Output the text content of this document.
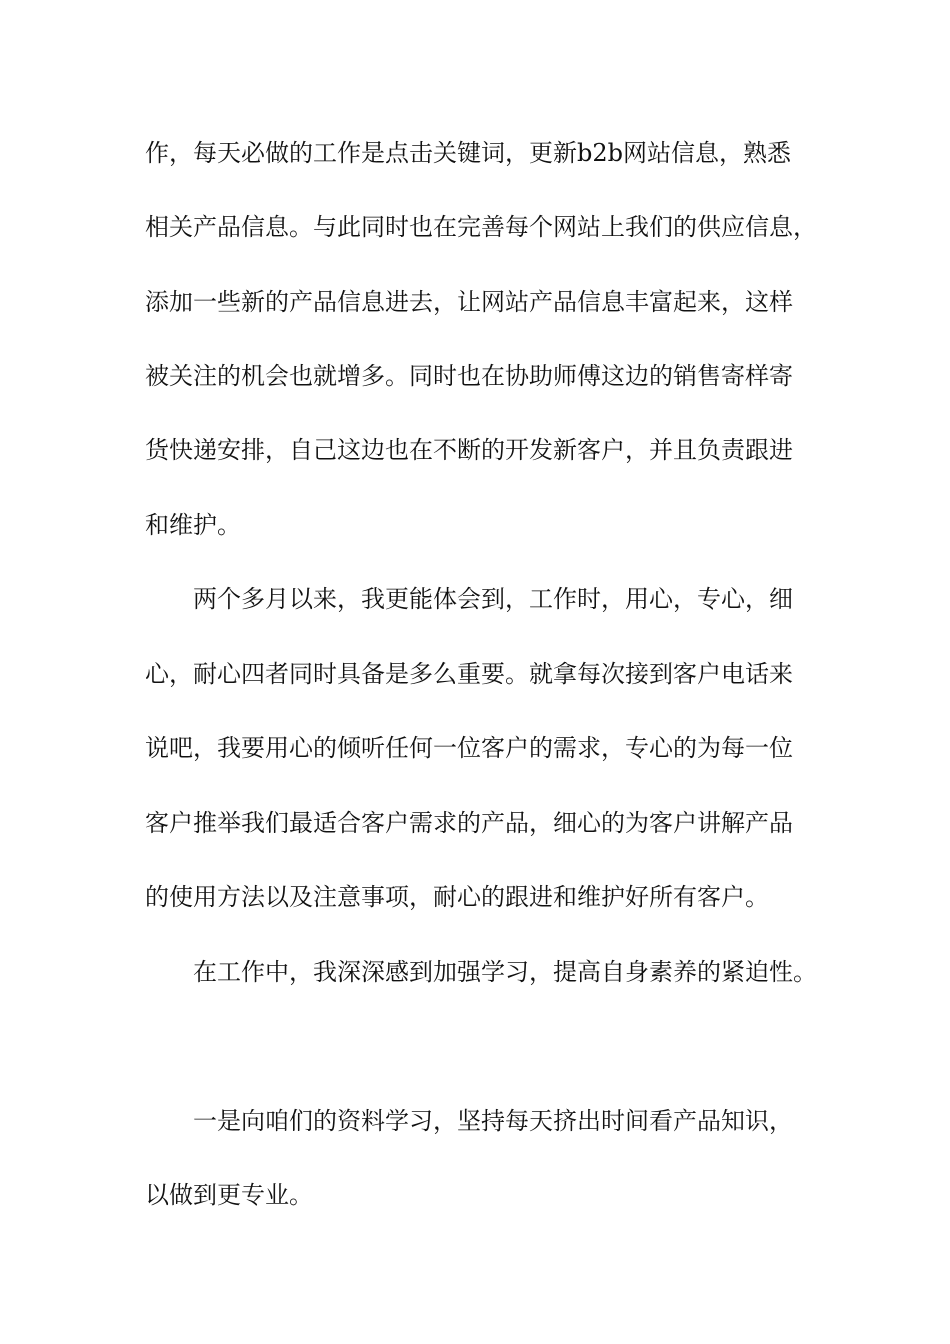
作，每天必做的工作是点击关键词，更新b2b网站信息，熟悉

相关产品信息。与此同时也在完善每个网站上我们的供应信息，

添加一些新的产品信息进去，让网站产品信息丰富起来，这样

被关注的机会也就增多。同时也在协助师傅这边的销售寄样寄

货快递安排，自己这边也在不断的开发新客户，并且负责跟进

和维护。

两个多月以来，我更能体会到，工作时，用心，专心，细

心，耐心四者同时具备是多么重要。就拿每次接到客户电话来

说吧，我要用心的倾听任何一位客户的需求，专心的为每一位

客户推举我们最适合客户需求的产品，细心的为客户讲解产品

的使用方法以及注意事项，耐心的跟进和维护好所有客户。

在工作中，我深深感到加强学习，提高自身素养的紧迫性。

一是向咱们的资料学习，坚持每天挤出时间看产品知识，

以做到更专业。
